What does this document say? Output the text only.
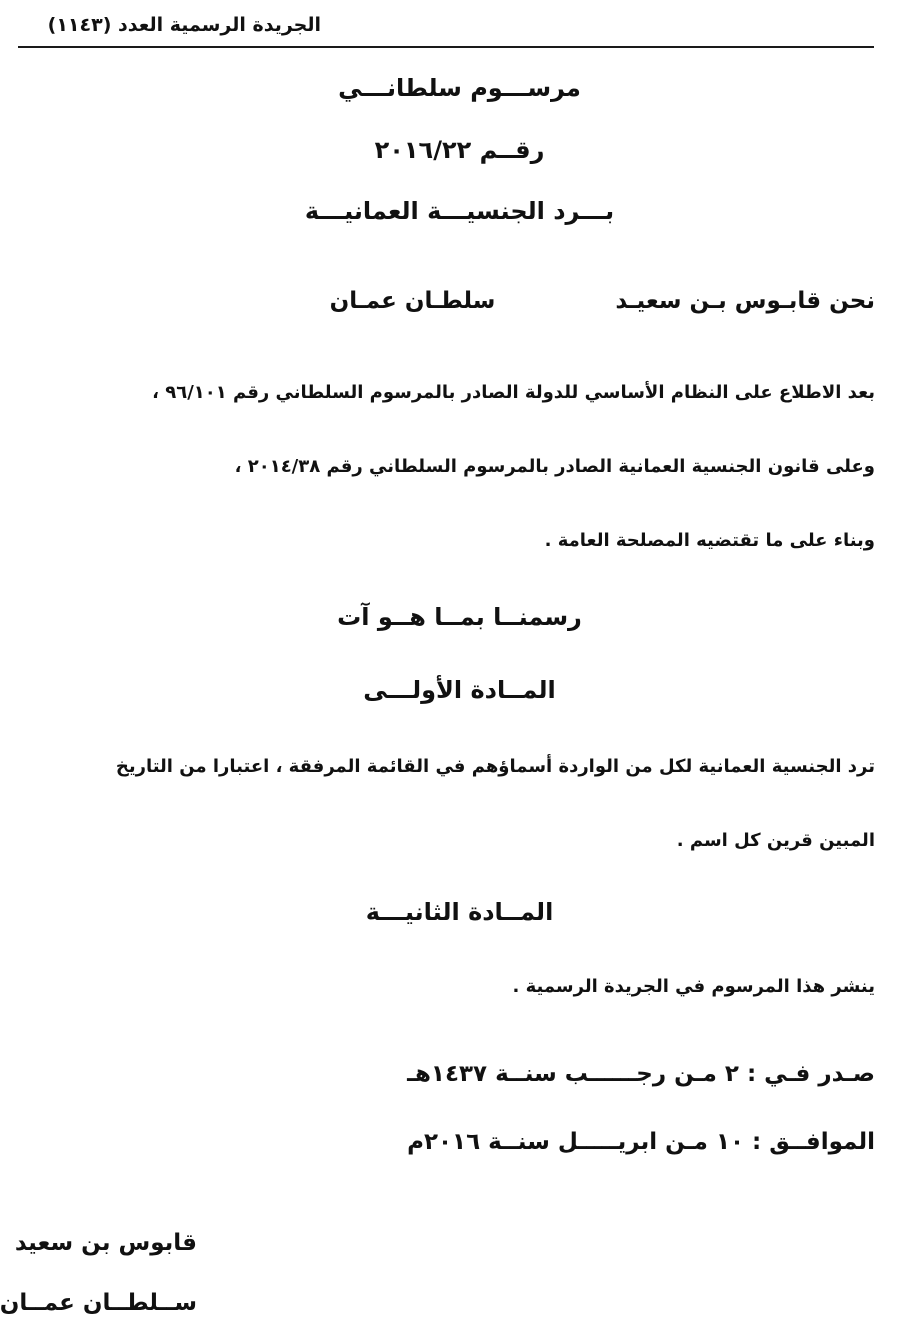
الجريدة الرسمية العدد (١١٤٣)
مرســـوم سلطانـــي
رقــم ٢٠١٦/٢٢
بـــرد الجنسيـــة العمانيـــة
نحن قابـوس بـن سعيـدسلطـان عمـان
بعد الاطلاع على النظام الأساسي للدولة الصادر بالمرسوم السلطاني رقم ٩٦/١٠١ ،
وعلى قانون الجنسية العمانية الصادر بالمرسوم السلطاني رقم ٢٠١٤/٣٨ ،
وبناء على ما تقتضيه المصلحة العامة .
رسمنــا بمــا هــو آت
المــادة الأولـــى
ترد الجنسية العمانية لكل من الواردة أسماؤهم في القائمة المرفقة ، اعتبارا من التاريخ
المبين قرين كل اسم .
المــادة الثانيـــة
ينشر هذا المرسوم في الجريدة الرسمية .
صـدر فـي : ٢ مـن رجــــــب سنــة ١٤٣٧هـ
الموافــق : ١٠ مـن ابريـــــل سنــة ٢٠١٦م
قابوس بن سعيد
ســلطــان عمــان
